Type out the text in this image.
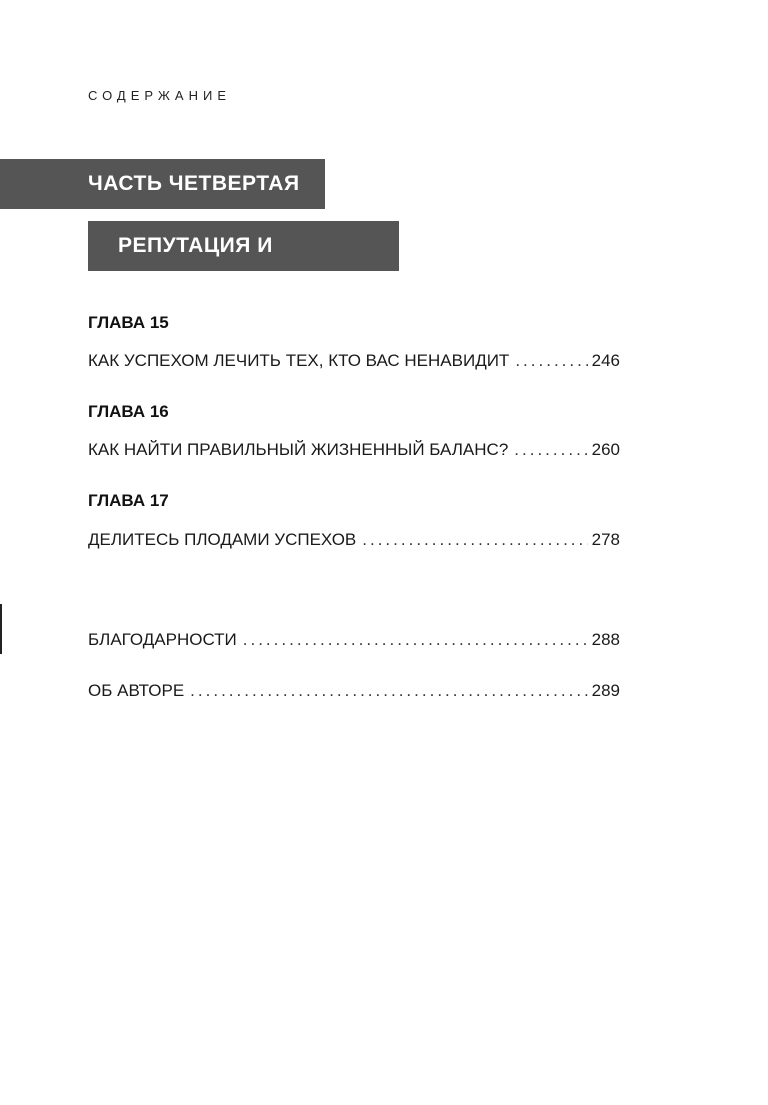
СОДЕРЖАНИЕ
ЧАСТЬ ЧЕТВЕРТАЯ
РЕПУТАЦИЯ И НАСЛЕДИЕ
ГЛАВА 15
КАК УСПЕХОМ ЛЕЧИТЬ ТЕХ, КТО ВАС НЕНАВИДИТ .....	246
ГЛАВА 16
КАК НАЙТИ ПРАВИЛЬНЫЙ ЖИЗНЕННЫЙ БАЛАНС? .....	260
ГЛАВА 17
ДЕЛИТЕСЬ ПЛОДАМИ УСПЕХОВ .....	278
БЛАГОДАРНОСТИ .....	288
ОБ АВТОРЕ .....	289
